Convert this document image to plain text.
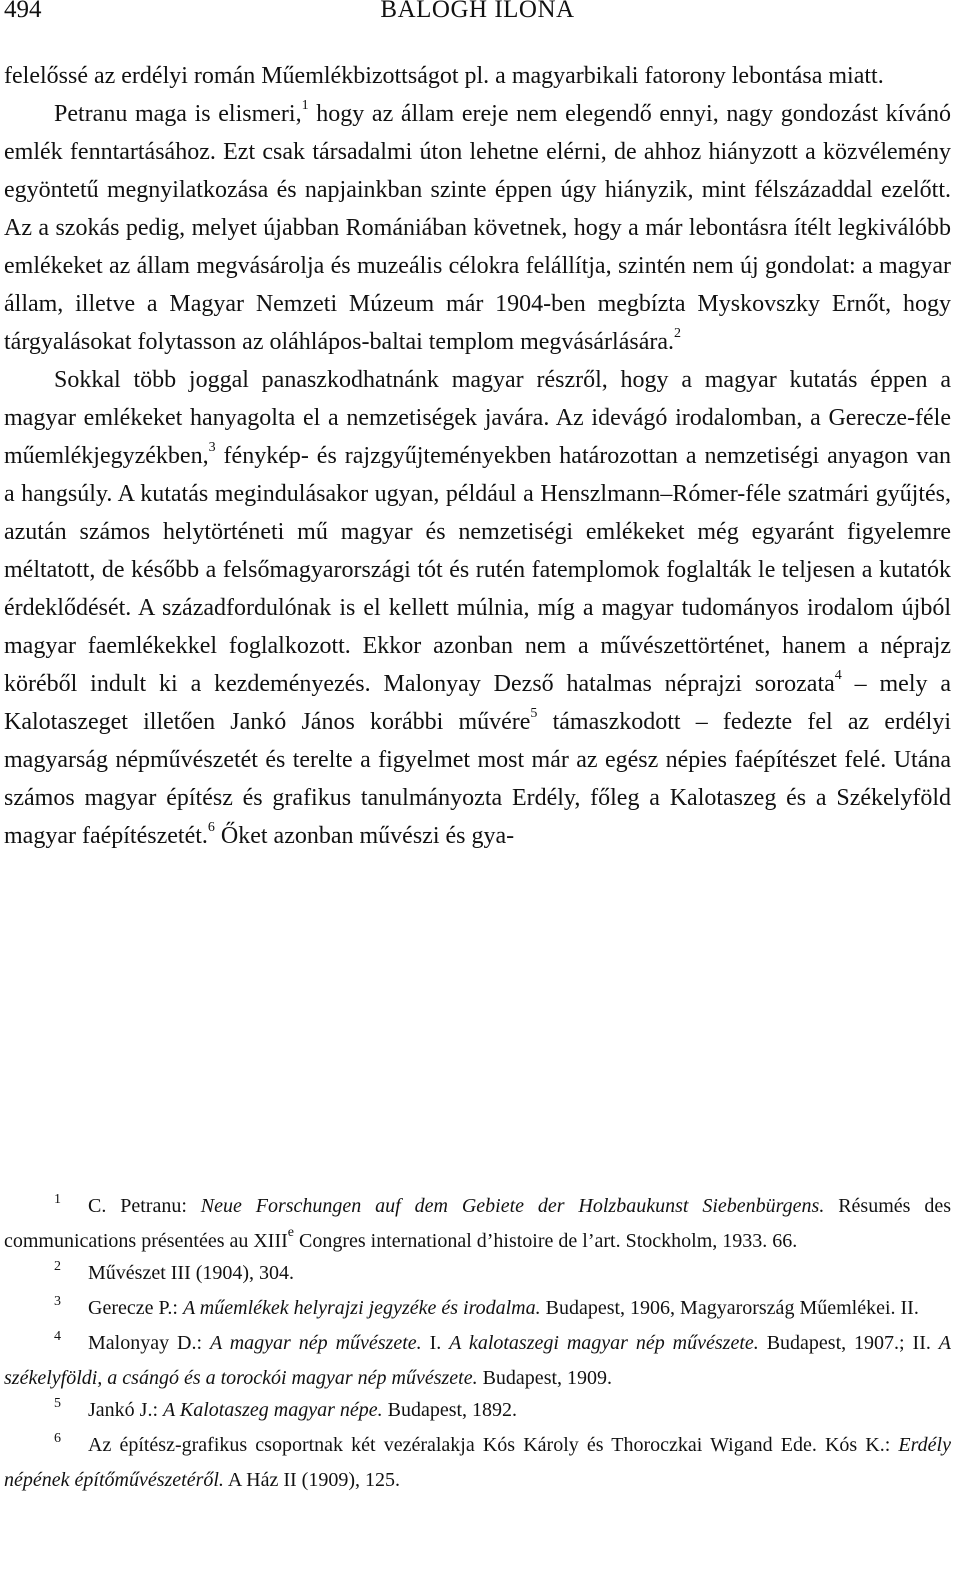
494	BALOGH ILONA

felelőssé az erdélyi román Műemlékbizottságot pl. a magyarbikali fatorony lebontása miatt.

Petranu maga is elismeri,$^1$ hogy az állam ereje nem elegendő ennyi, nagy gondozást kívánó emlék fenntartásához. Ezt csak társadalmi úton lehetne elérni, de ahhoz hiányzott a közvélemény egyöntetű megnyilatkozása és napjainkban szinte éppen úgy hiányzik, mint félszázaddal ezelőtt. Az a szokás pedig, melyet újabban Romániában követnek, hogy a már lebontásra ítélt legkiválóbb emlékeket az állam megvásárolja és muzeális célokra felállítja, szintén nem új gondolat: a magyar állam, illetve a Magyar Nemzeti Múzeum már 1904-ben megbízta Myskovszky Ernőt, hogy tárgyalásokat folytasson az oláhlápos-baltai templom megvásárlására.$^2$

Sokkal több joggal panaszkodhatnánk magyar részről, hogy a magyar kutatás éppen a magyar emlékeket hanyagolta el a nemzetiségek javára. Az idevágó irodalomban, a Gerecze-féle műemlékjegyzékben,$^3$ fénykép- és rajzgyűjteményekben határozottan a nemzetiségi anyagon van a hangsúly. A kutatás megindulásakor ugyan, például a Henszlmann–Rómer-féle szatmári gyűjtés, azután számos helytörténeti mű magyar és nemzetiségi emlékeket még egyaránt figyelemre méltatott, de később a felsőmagyarországi tót és rutén fatemplomok foglalták le teljesen a kutatók érdeklődését. A századfordulónak is el kellett múlnia, míg a magyar tudományos irodalom újból magyar faemlékekkel foglalkozott. Ekkor azonban nem a művészettörténet, hanem a néprajz köréből indult ki a kezdeményezés. Malonyay Dezső hatalmas néprajzi sorozata$^4$ – mely a Kalotaszeget illetően Jankó János korábbi művére$^5$ támaszkodott – fedezte fel az erdélyi magyarság népművészetét és terelte a figyelmet most már az egész népies faépítészet felé. Utána számos magyar építész és grafikus tanulmányozta Erdély, főleg a Kalotaszeg és a Székelyföld magyar faépítészetét.$^6$ Őket azonban művészi és gya-

1 C. Petranu: Neue Forschungen auf dem Gebiete der Holzbaukunst Siebenbürgens. Résumés des communications présentées au XIIIe Congres international d’histoire de l’art. Stockholm, 1933. 66.

2 Művészet III (1904), 304.

3 Gerecze P.: A műemlékek helyrajzi jegyzéke és irodalma. Budapest, 1906, Magyarország Műemlékei. II.

4 Malonyay D.: A magyar nép művészete. I. A kalotaszegi magyar nép művészete. Budapest, 1907.; II. A székelyföldi, a csángó és a torockói magyar nép művészete. Budapest, 1909.

5 Jankó J.: A Kalotaszeg magyar népe. Budapest, 1892.

6 Az építész-grafikus csoportnak két vezéralakja Kós Károly és Thoroczkai Wigand Ede. Kós K.: Erdély népének építőművészetéről. A Ház II (1909), 125.
